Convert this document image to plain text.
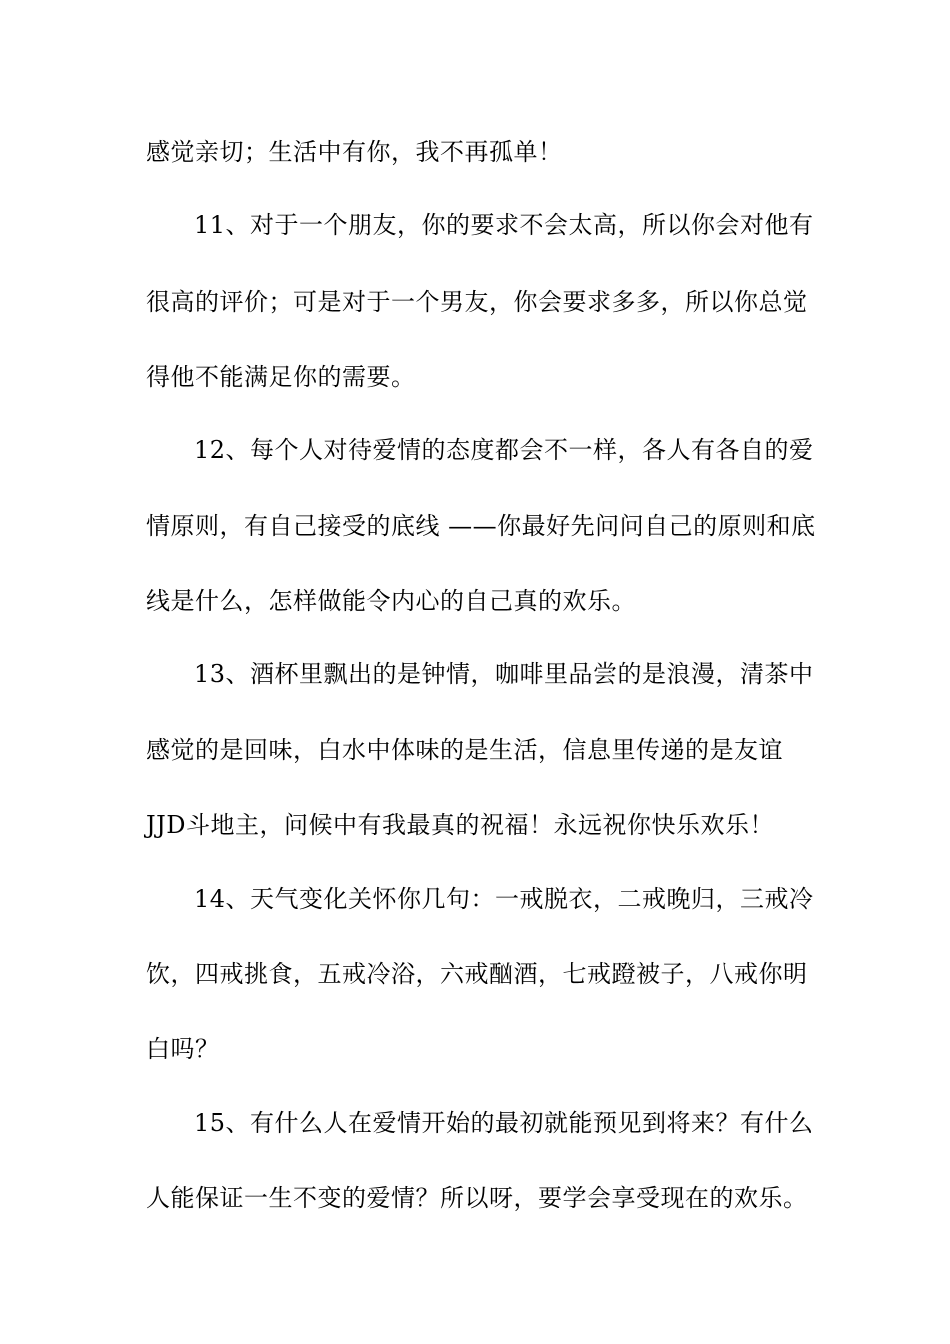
感觉亲切；生活中有你，我不再孤单！
11、对于一个朋友，你的要求不会太高，所以你会对他有
很高的评价；可是对于一个男友，你会要求多多，所以你总觉
得他不能满足你的需要。
12、每个人对待爱情的态度都会不一样，各人有各自的爱
情原则，有自己接受的底线 ——你最好先问问自己的原则和底
线是什么，怎样做能令内心的自己真的欢乐。
13、酒杯里飘出的是钟情，咖啡里品尝的是浪漫，清茶中
感觉的是回味，白水中体味的是生活，信息里传递的是友谊
JJD斗地主，问候中有我最真的祝福！永远祝你快乐欢乐！
14、天气变化关怀你几句：一戒脱衣，二戒晚归，三戒冷
饮，四戒挑食，五戒冷浴，六戒酗酒，七戒蹬被子，八戒你明
白吗？
15、有什么人在爱情开始的最初就能预见到将来？有什么
人能保证一生不变的爱情？所以呀，要学会享受现在的欢乐。
